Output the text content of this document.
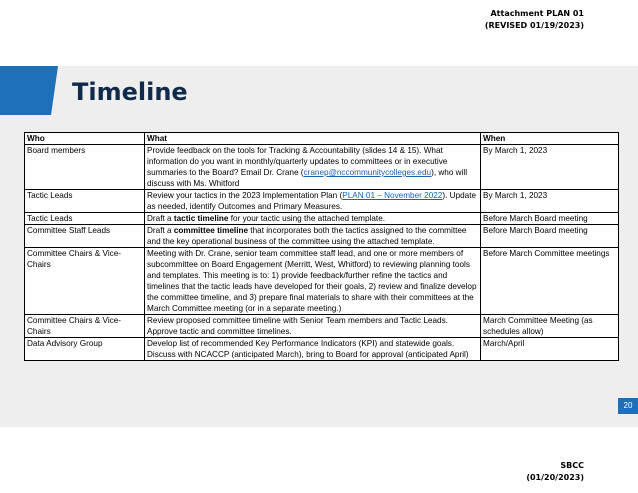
Attachment PLAN 01
(REVISED 01/19/2023)
Timeline
Who	What	When
Board members	Provide feedback on the tools for Tracking & Accountability (slides 14 & 15). What information do you want in monthly/quarterly updates to committees or in executive summaries to the Board? Email Dr. Crane (cranep@nccommunitycolleges.edu), who will discuss with Ms. Whitford	By March 1, 2023
Tactic Leads	Review your tactics in the 2023 Implementation Plan (PLAN 01 – November 2022). Update as needed, identify Outcomes and Primary Measures.	By March 1, 2023
Tactic Leads	Draft a tactic timeline for your tactic using the attached template.	Before March Board meeting
Committee Staff Leads	Draft a committee timeline that incorporates both the tactics assigned to the committee and the key operational business of the committee using the attached template.	Before March Board meeting
Committee Chairs & Vice-Chairs	Meeting with Dr. Crane, senior team committee staff lead, and one or more members of subcommittee on Board Engagement (Merritt, West, Whitford) to reviewing planning tools and templates. This meeting is to: 1) provide feedback/further refine the tactics and timelines that the tactic leads have developed for their goals, 2) review and finalize develop the committee timeline, and 3) prepare final materials to share with their committees at the March Committee meeting (or in a separate meeting.)	Before March Committee meetings
Committee Chairs & Vice-Chairs	Review proposed committee timeline with Senior Team members and Tactic Leads. Approve tactic and committee timelines.	March Committee Meeting (as schedules allow)
Data Advisory Group	Develop list of recommended Key Performance Indicators (KPI) and statewide goals. Discuss with NCACCP (anticipated March), bring to Board for approval (anticipated April)	March/April
20
SBCC
(01/20/2023)
